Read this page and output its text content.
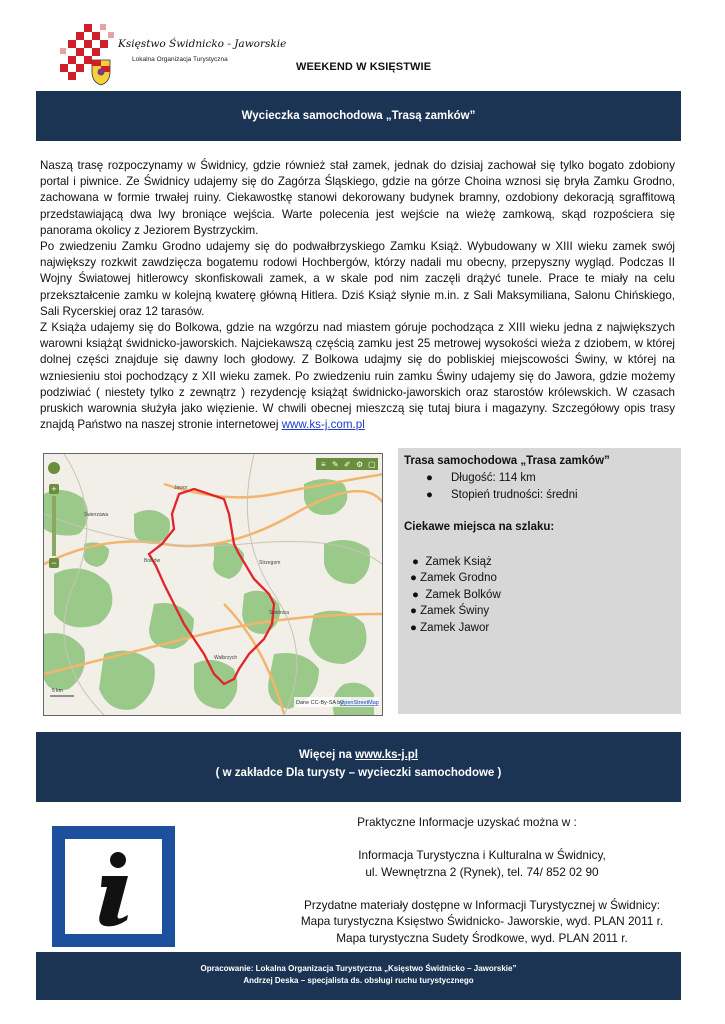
Księstwo Świdnicko - Jaworskie
Lokalna Organizacja Turystyczna
WEEKEND W KSIĘSTWIE
Wycieczka samochodowa „Trasą zamków”

Naszą trasę rozpoczynamy w Świdnicy, gdzie również stał zamek, jednak do dzisiaj zachował się tylko bogato zdobiony portal i piwnice. Ze Świdnicy udajemy się do Zagórza Śląskiego, gdzie na górze Choina wznosi się bryła Zamku Grodno, zachowana w formie trwałej ruiny. Ciekawostkę stanowi dekorowany budynek bramny, ozdobiony dekoracją sgraffitową przedstawiającą dwa lwy broniące wejścia. Warte polecenia jest wejście na wieżę zamkową, skąd rozpościera się panorama okolicy z Jeziorem Bystrzyckim.

Po zwiedzeniu Zamku Grodno udajemy się do podwałbrzyskiego Zamku Książ. Wybudowany w XIII wieku zamek swój największy rozkwit zawdzięcza bogatemu rodowi Hochbergów, którzy nadali mu obecny, przepyszny wygląd. Podczas II Wojny Światowej hitlerowcy skonfiskowali zamek, a w skale pod nim zaczęli drążyć tunele. Prace te miały na celu przekształcenie zamku w kolejną kwaterę główną Hitlera. Dziś Książ słynie m.in. z Sali Maksymiliana, Salonu Chińskiego, Sali Rycerskiej oraz 12 tarasów.

Z Książa udajemy się do Bolkowa, gdzie na wzgórzu nad miastem góruje pochodząca z XIII wieku jedna z największych warowni książąt świdnicko-jaworskich. Najciekawszą częścią zamku jest 25 metrowej wysokości wieża z dziobem, w której dolnej części znajduje się dawny loch głodowy. Z Bolkowa udajmy się do pobliskiej miejscowości Świny, w której na wzniesieniu stoi pochodzący z XII wieku zamek. Po zwiedzeniu ruin zamku Świny udajemy się do Jawora, gdzie możemy podziwiać ( niestety tylko z zewnątrz ) rezydencję książąt świdnicko-jaworskich oraz starostów królewskich. W czasach pruskich warownia służyła jako więzienie. W chwili obecnej mieszczą się tutaj biura i magazyny. Szczegółowy opis trasy znajdą Państwo na naszej stronie internetowej www.ks-j.com.pl

Świerzawa
Wałbrzych
Jawor
Strzegom
Świdnica
Bolków
+
−
≡ ✎ ✐ ⚙ ▢
5 km
Dane CC-By-SA by
OpenStreetMap
Trasa samochodowa „Trasa zamków”
● Długość: 114 km
● Stopień trudności: średni
Ciekawe miejsca na szlaku:
● Zamek Książ
● Zamek Grodno
● Zamek Bolków
● Zamek Świny
● Zamek Jawor
Więcej na www.ks-j.pl
( w zakładce Dla turysty – wycieczki samochodowe )
Praktyczne Informacje uzyskać można w :
Informacja Turystyczna i Kulturalna w Świdnicy,
ul. Wewnętrzna 2 (Rynek), tel. 74/ 852 02 90
Przydatne materiały dostępne w Informacji Turystycznej w Świdnicy:
Mapa turystyczna Księstwo Świdnicko- Jaworskie, wyd. PLAN 2011 r.
Mapa turystyczna Sudety Środkowe, wyd. PLAN 2011 r.
Opracowanie: Lokalna Organizacja Turystyczna „Księstwo Świdnicko – Jaworskie”
Andrzej Deska – specjalista ds. obsługi ruchu turystycznego
